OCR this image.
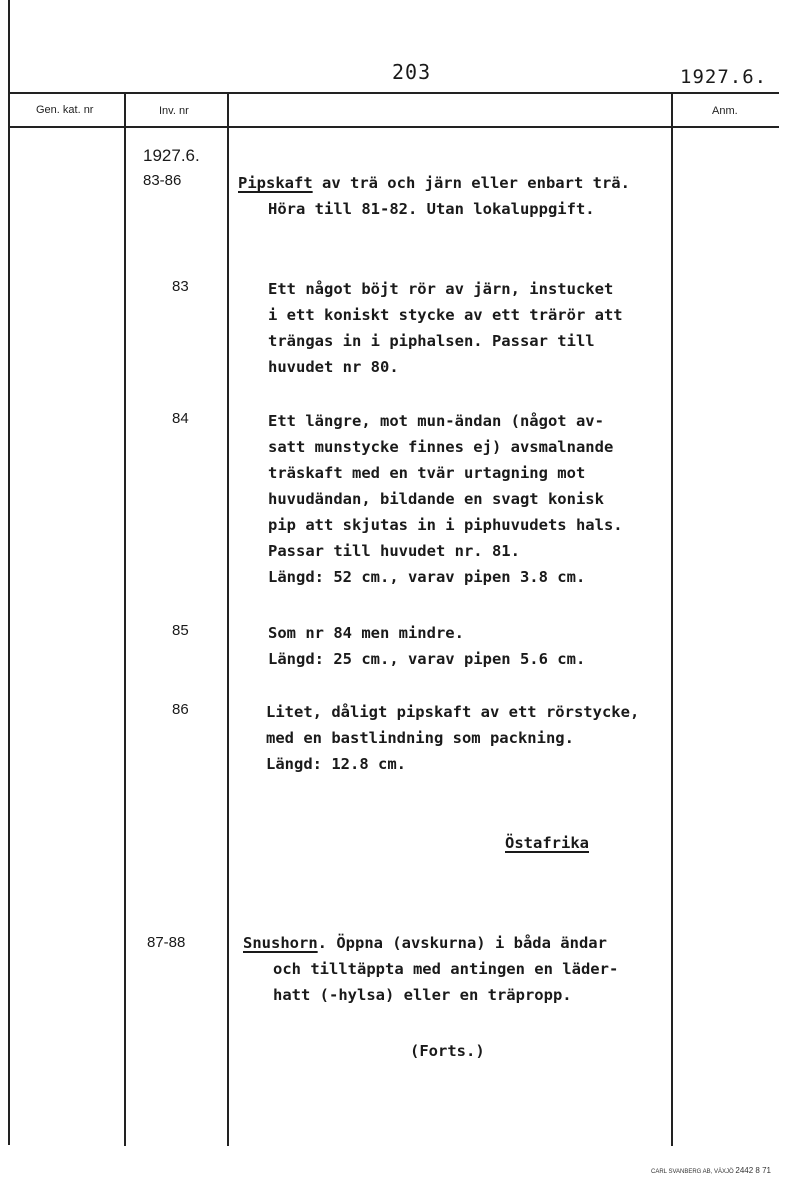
203	1927.6.
Gen. kat. nr	Inv. nr	Anm.
1927.6.
83-86	Pipskaft av trä och järn eller enbart trä.
Höra till 81-82. Utan lokaluppgift.
83	Ett något böjt rör av järn, instucket
i ett koniskt stycke av ett trärör att
trängas in i piphalsen. Passar till
huvudet nr 80.
84	Ett längre, mot mun-ändan (något av-
satt munstycke finnes ej) avsmalnande
träskaft med en tvär urtagning mot
huvudändan, bildande en svagt konisk
pip att skjutas in i piphuvudets hals.
Passar till huvudet nr. 81.
Längd: 52 cm., varav pipen 3.8 cm.
85	Som nr 84 men mindre.
Längd: 25 cm., varav pipen 5.6 cm.
86	Litet, dåligt pipskaft av ett rörstycke,
med en bastlindning som packning.
Längd: 12.8 cm.
Östafrika
87-88	Snushorn. Öppna (avskurna) i båda ändar
och tilltäppta med antingen en läder-
hatt (-hylsa) eller en träpropp.
(Forts.)
CARL SVANBERG AB, VÄXJÖ 2442 8 71
